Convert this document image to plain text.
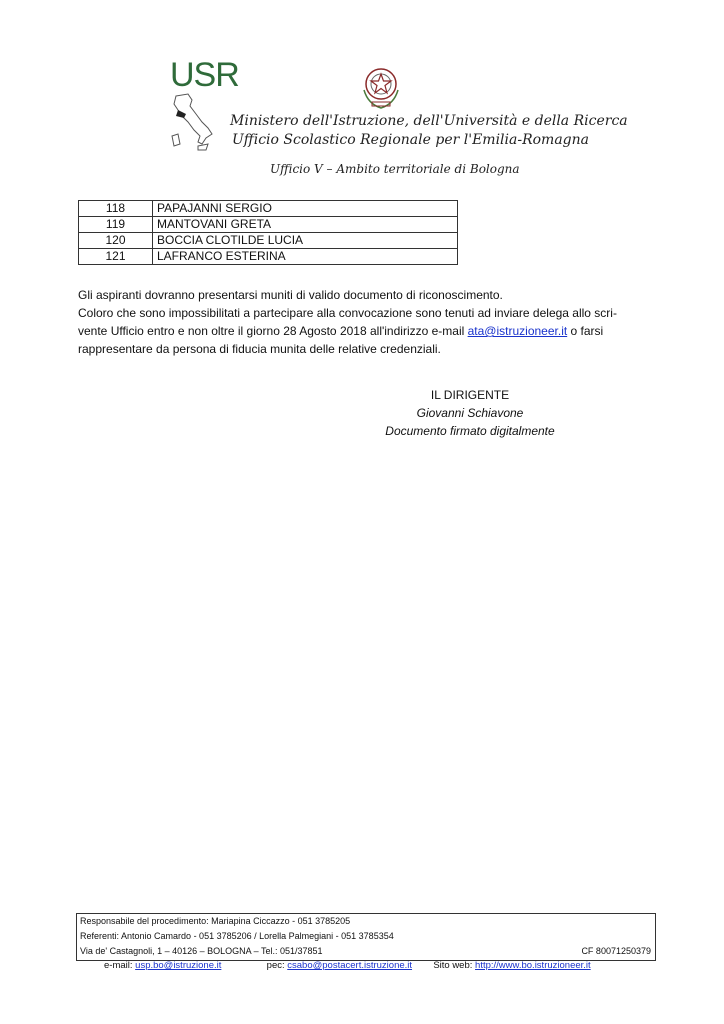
USR
Ministero dell'Istruzione, dell'Università e della Ricerca
Ufficio Scolastico Regionale per l'Emilia-Romagna
Ufficio V – Ambito territoriale di Bologna
118	PAPAJANNI SERGIO
119	MANTOVANI GRETA
120	BOCCIA CLOTILDE LUCIA
121	LAFRANCO ESTERINA

Gli aspiranti dovranno presentarsi muniti di valido documento di riconoscimento.

Coloro che sono impossibilitati a partecipare alla convocazione sono tenuti ad inviare delega allo scri-

vente Ufficio entro e non oltre il giorno 28 Agosto 2018 all'indirizzo e-mail ata@istruzioneer.it o farsi

rappresentare da persona di fiducia munita delle relative credenziali.

IL DIRIGENTE
Giovanni Schiavone
Documento firmato digitalmente
Responsabile del procedimento: Mariapina Ciccazzo - 051 3785205
Referenti: Antonio Camardo - 051 3785206 / Lorella Palmegiani - 051 3785354
Via de' Castagnoli, 1 – 40126 – BOLOGNA – Tel.: 051/37851	CF 80071250379
e-mail: usp.bo@istruzione.it	pec: csabo@postacert.istruzione.it Sito web: http://www.bo.istruzioneer.it
